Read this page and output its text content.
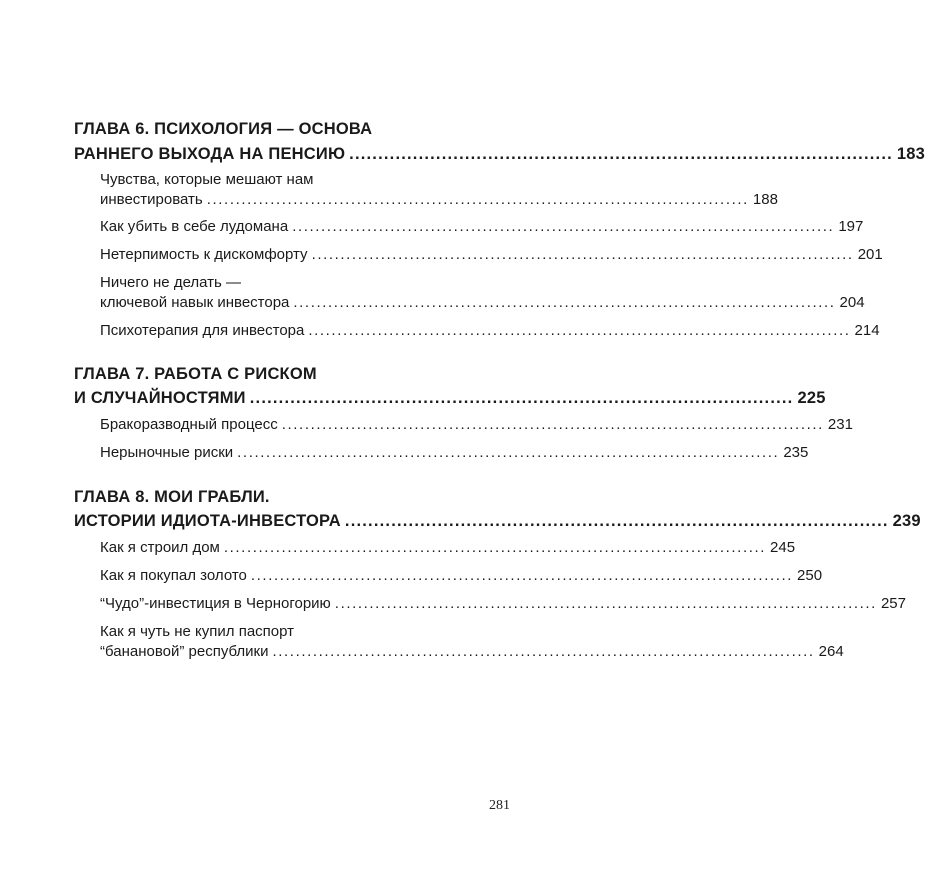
ГЛАВА 6. ПСИХОЛОГИЯ — ОСНОВА
РАННЕГО ВЫХОДА НА ПЕНСИЮ .............................................................................................. 183
Чувства, которые мешают нам
инвестировать .............................................................................................. 188
Как убить в себе лудомана .............................................................................................. 197
Нетерпимость к дискомфорту .............................................................................................. 201
Ничего не делать —
ключевой навык инвестора .............................................................................................. 204
Психотерапия для инвестора .............................................................................................. 214
ГЛАВА 7. РАБОТА С РИСКОМ
И СЛУЧАЙНОСТЯМИ .............................................................................................. 225
Бракоразводный процесс .............................................................................................. 231
Нерыночные риски .............................................................................................. 235
ГЛАВА 8. МОИ ГРАБЛИ.
ИСТОРИИ ИДИОТА-ИНВЕСТОРА .............................................................................................. 239
Как я строил дом .............................................................................................. 245
Как я покупал золото .............................................................................................. 250
“Чудо”-инвестиция в Черногорию .............................................................................................. 257
Как я чуть не купил паспорт
“банановой” республики .............................................................................................. 264
281
